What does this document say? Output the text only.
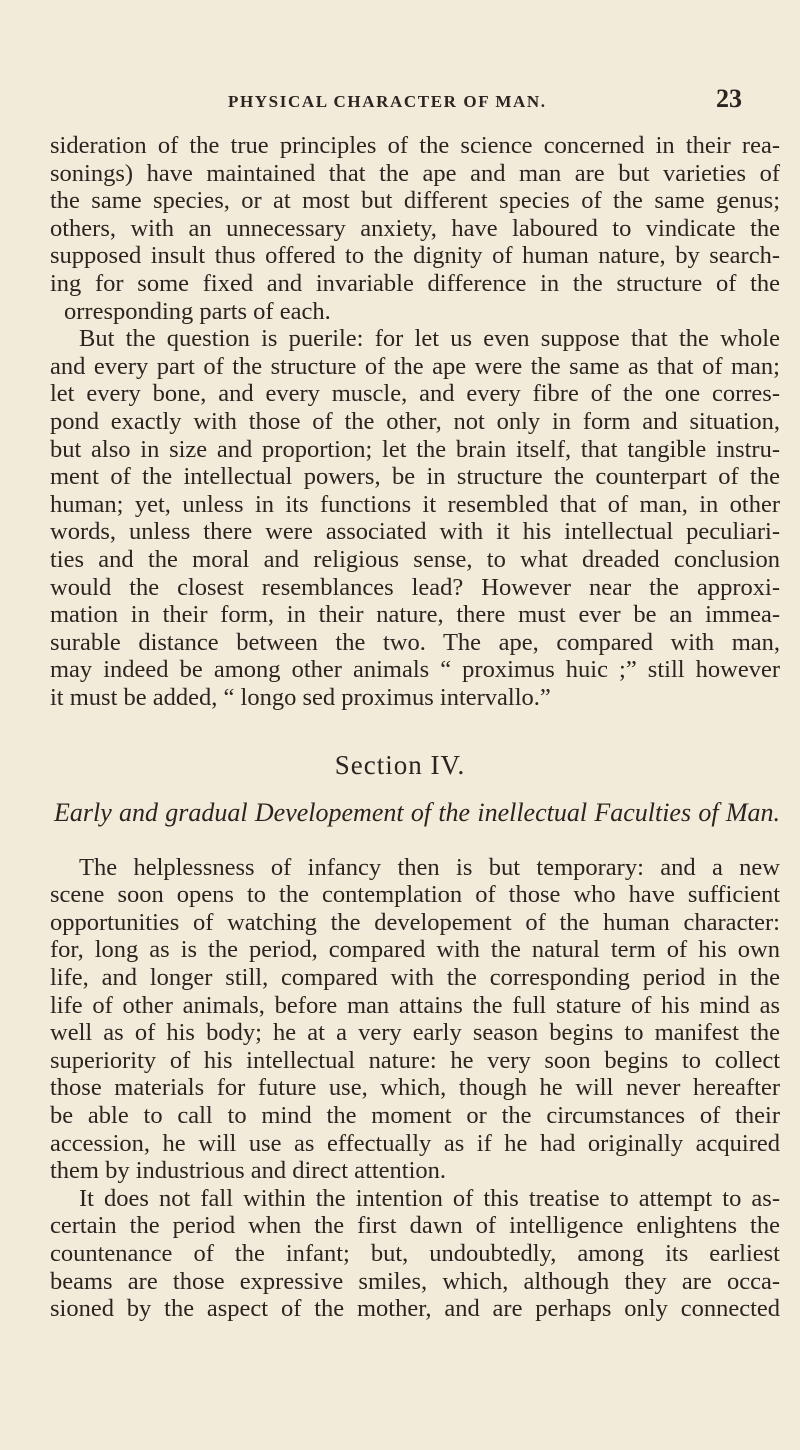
PHYSICAL CHARACTER OF MAN.	23
sideration of the true principles of the science concerned in their rea-
sonings) have maintained that the ape and man are but varieties of
the same species, or at most but different species of the same genus;
others, with an unnecessary anxiety, have laboured to vindicate the
supposed insult thus offered to the dignity of human nature, by search-
ing for some fixed and invariable difference in the structure of the
orresponding parts of each.
But the question is puerile: for let us even suppose that the whole
and every part of the structure of the ape were the same as that of man;
let every bone, and every muscle, and every fibre of the one corres-
pond exactly with those of the other, not only in form and situation,
but also in size and proportion; let the brain itself, that tangible instru-
ment of the intellectual powers, be in structure the counterpart of the
human; yet, unless in its functions it resembled that of man, in other
words, unless there were associated with it his intellectual peculiari-
ties and the moral and religious sense, to what dreaded conclusion
would the closest resemblances lead? However near the approxi-
mation in their form, in their nature, there must ever be an immea-
surable distance between the two. The ape, compared with man,
may indeed be among other animals “ proximus huic ;” still however
it must be added, “ longo sed proximus intervallo.”
Section IV.
Early and gradual Developement of the inellectual Faculties of Man.
The helplessness of infancy then is but temporary: and a new
scene soon opens to the contemplation of those who have sufficient
opportunities of watching the developement of the human character:
for, long as is the period, compared with the natural term of his own
life, and longer still, compared with the corresponding period in the
life of other animals, before man attains the full stature of his mind as
well as of his body; he at a very early season begins to manifest the
superiority of his intellectual nature: he very soon begins to collect
those materials for future use, which, though he will never hereafter
be able to call to mind the moment or the circumstances of their
accession, he will use as effectually as if he had originally acquired
them by industrious and direct attention.
It does not fall within the intention of this treatise to attempt to as-
certain the period when the first dawn of intelligence enlightens the
countenance of the infant; but, undoubtedly, among its earliest
beams are those expressive smiles, which, although they are occa-
sioned by the aspect of the mother, and are perhaps only connected
